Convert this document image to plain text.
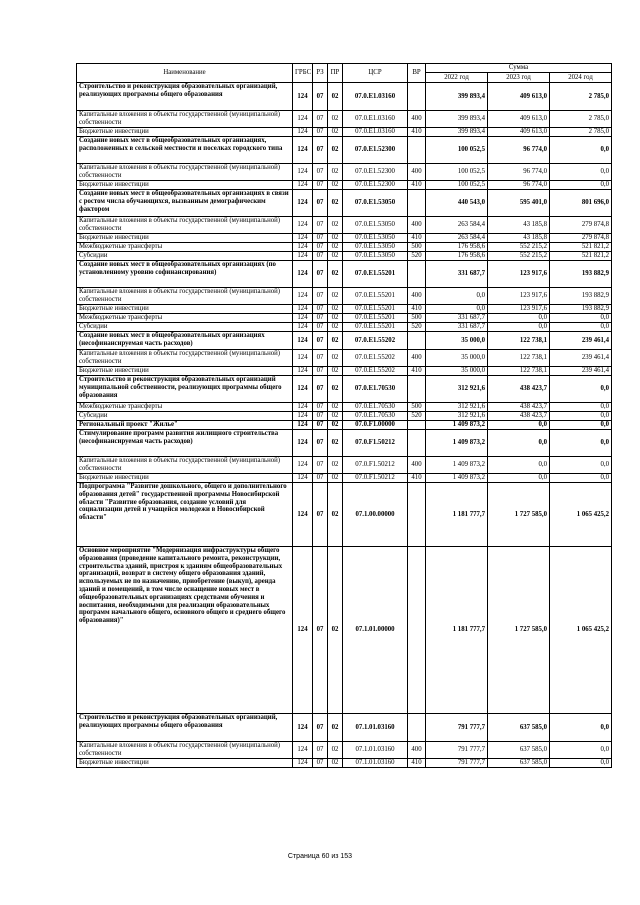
Наименование	ГРБС	РЗ	ПР	ЦСР	ВР	Сумма		
						2022 год	2023 год	2024 год
Строительство и реконструкция образовательных организаций, реализующих программы общего образования	124	07	02	07.0.E1.03160		399 893,4	409 613,0	2 785,0
Капитальные вложения в объекты государственной (муниципальной) собственности	124	07	02	07.0.E1.03160	400	399 893,4	409 613,0	2 785,0
Бюджетные инвестиции	124	07	02	07.0.E1.03160	410	399 893,4	409 613,0	2 785,0
Создание новых мест в общеобразовательных организациях, расположенных в сельской местности и поселках городского типа	124	07	02	07.0.E1.52300		100 052,5	96 774,0	0,0
Капитальные вложения в объекты государственной (муниципальной) собственности	124	07	02	07.0.E1.52300	400	100 052,5	96 774,0	0,0
Бюджетные инвестиции	124	07	02	07.0.E1.52300	410	100 052,5	96 774,0	0,0
Создание новых мест в общеобразовательных организациях в связи с ростом числа обучающихся, вызванным демографическим фактором	124	07	02	07.0.E1.53050		440 543,0	595 401,0	801 696,0
Капитальные вложения в объекты государственной (муниципальной) собственности	124	07	02	07.0.E1.53050	400	263 584,4	43 185,8	279 874,8
Бюджетные инвестиции	124	07	02	07.0.E1.53050	410	263 584,4	43 185,8	279 874,8
Межбюджетные трансферты	124	07	02	07.0.E1.53050	500	176 958,6	552 215,2	521 821,2
Субсидии	124	07	02	07.0.E1.53050	520	176 958,6	552 215,2	521 821,2
Создание новых мест в общеобразовательных организациях (по установленному уровню софинансирования)	124	07	02	07.0.E1.55201		331 687,7	123 917,6	193 882,9
Капитальные вложения в объекты государственной (муниципальной) собственности	124	07	02	07.0.E1.55201	400	0,0	123 917,6	193 882,9
Бюджетные инвестиции	124	07	02	07.0.E1.55201	410	0,0	123 917,6	193 882,9
Межбюджетные трансферты	124	07	02	07.0.E1.55201	500	331 687,7	0,0	0,0
Субсидии	124	07	02	07.0.E1.55201	520	331 687,7	0,0	0,0
Создание новых мест в общеобразовательных организациях (несофинансируемая часть расходов)	124	07	02	07.0.E1.55202		35 000,0	122 738,1	239 461,4
Капитальные вложения в объекты государственной (муниципальной) собственности	124	07	02	07.0.E1.55202	400	35 000,0	122 738,1	239 461,4
Бюджетные инвестиции	124	07	02	07.0.E1.55202	410	35 000,0	122 738,1	239 461,4
Строительство и реконструкция образовательных организаций муниципальной собственности, реализующих программы общего образования	124	07	02	07.0.E1.70530		312 921,6	438 423,7	0,0
Межбюджетные трансферты	124	07	02	07.0.E1.70530	500	312 921,6	438 423,7	0,0
Субсидии	124	07	02	07.0.E1.70530	520	312 921,6	438 423,7	0,0
Региональный проект "Жилье"	124	07	02	07.0.F1.00000		1 409 873,2	0,0	0,0
Стимулирование программ развития жилищного строительства (несофинансируемая часть расходов)	124	07	02	07.0.F1.50212		1 409 873,2	0,0	0,0
Капитальные вложения в объекты государственной (муниципальной) собственности	124	07	02	07.0.F1.50212	400	1 409 873,2	0,0	0,0
Бюджетные инвестиции	124	07	02	07.0.F1.50212	410	1 409 873,2	0,0	0,0
Подпрограмма "Развитие дошкольного, общего и дополнительного образования детей" государственной программы Новосибирской области "Развитие образования, создание условий для социализации детей и учащейся молодежи в Новосибирской области"	124	07	02	07.1.00.00000		1 181 777,7	1 727 585,0	1 065 425,2
Основное мероприятие "Модернизация инфраструктуры общего образования (проведение капитального ремонта, реконструкции, строительства зданий, пристроя к зданиям общеобразовательных организаций, возврат в систему общего образования зданий, используемых не по назначению, приобретение (выкуп), аренда зданий и помещений, в том числе оснащение новых мест в общеобразовательных организациях средствами обучения и воспитания, необходимыми для реализации образовательных программ начального общего, основного общего и среднего общего образования)"	124	07	02	07.1.01.00000		1 181 777,7	1 727 585,0	1 065 425,2
Строительство и реконструкция образовательных организаций, реализующих программы общего образования	124	07	02	07.1.01.03160		791 777,7	637 585,0	0,0
Капитальные вложения в объекты государственной (муниципальной) собственности	124	07	02	07.1.01.03160	400	791 777,7	637 585,0	0,0
Бюджетные инвестиции	124	07	02	07.1.01.03160	410	791 777,7	637 585,0	0,0
Страница 60 из 153
